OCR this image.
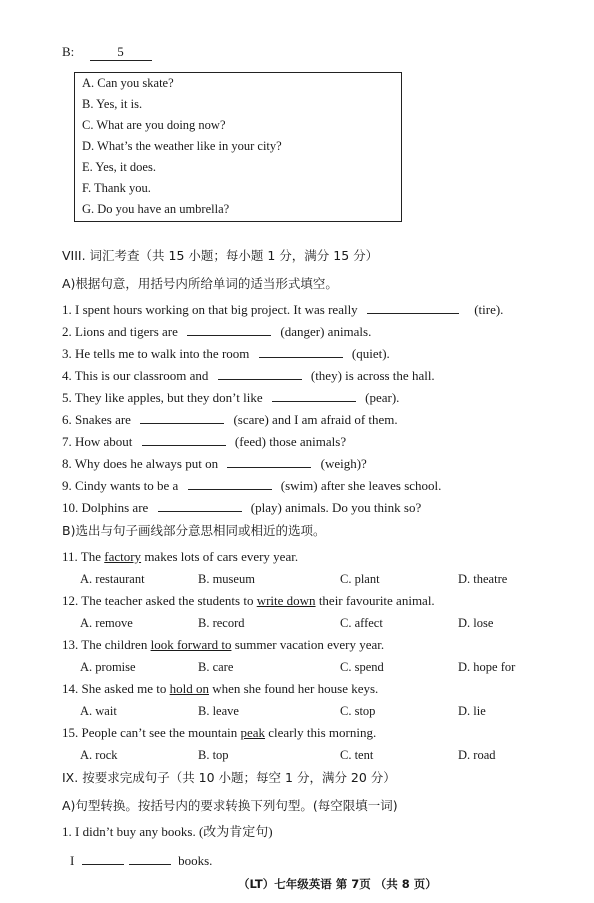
B:	5
A. Can you skate?
B. Yes, it is.
C. What are you doing now?
D. What’s the weather like in your city?
E. Yes, it does.
F. Thank you.
G. Do you have an umbrella?
VIII. 词汇考查（共 15 小题；每小题 1 分，满分 15 分）
A)根据句意，用括号内所给单词的适当形式填空。
1. I spent hours working on that big project. It was really	(tire).
2. Lions and tigers are	(danger) animals.
3. He tells me to walk into the room	(quiet).
4. This is our classroom and	(they) is across the hall.
5. They like apples, but they don’t like	(pear).
6. Snakes are	(scare) and I am afraid of them.
7. How about	(feed) those animals?
8. Why does he always put on	(weigh)?
9. Cindy wants to be a	(swim) after she leaves school.
10. Dolphins are	(play) animals. Do you think so?
B)选出与句子画线部分意思相同或相近的选项。
11. The factory makes lots of cars every year.
A. restaurant	B. museum	C. plant	D. theatre
12. The teacher asked the students to write down their favourite animal.
A. remove	B. record	C. affect	D. lose
13. The children look forward to summer vacation every year.
A. promise	B. care	C. spend	D. hope for
14. She asked me to hold on when she found her house keys.
A. wait	B. leave	C. stop	D. lie
15. People can’t see the mountain peak clearly this morning.
A. rock	B. top	C. tent	D. road
IX. 按要求完成句子（共 10 小题；每空 1 分，满分 20 分）
A)句型转换。按括号内的要求转换下列句型。(每空限填一词)
1. I didn’t buy any books. (改为肯定句)
I	books.
（LT）七年级英语 第 7页 （共 8 页）
